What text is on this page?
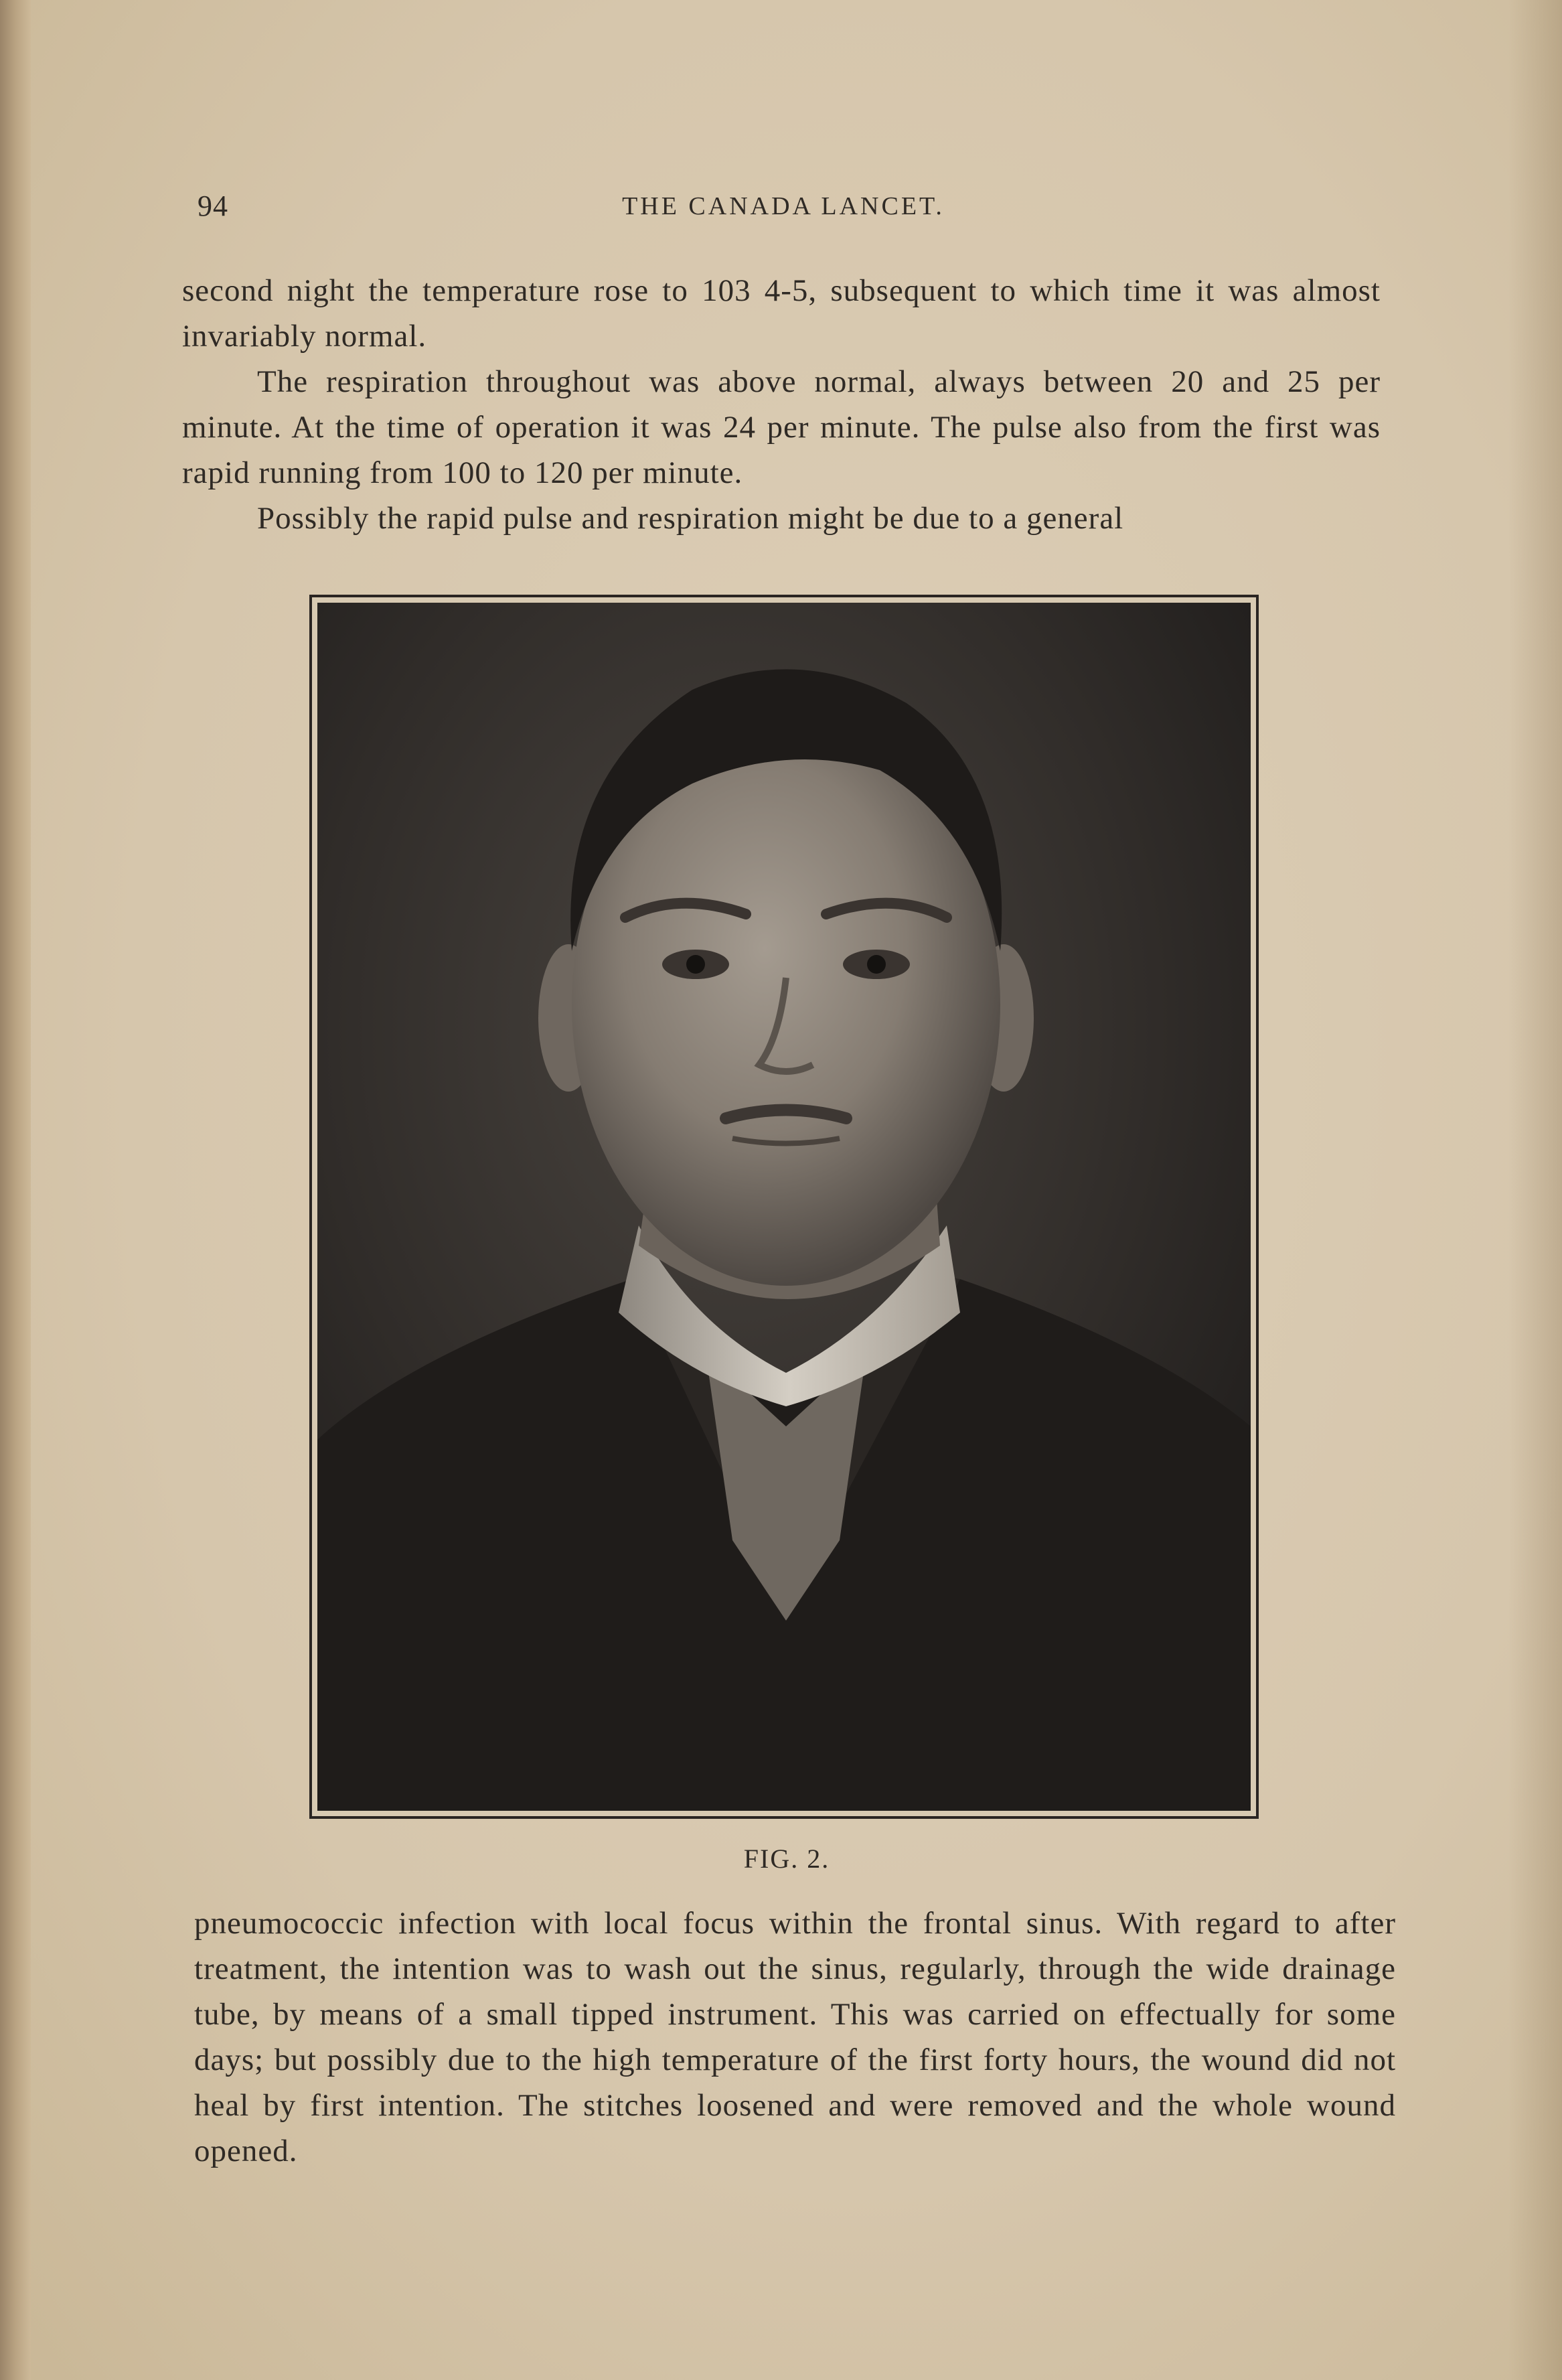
94	THE CANADA LANCET.

second night the temperature rose to 103 4-5, subsequent to which time it was almost invariably normal.

The respiration throughout was above normal, always between 20 and 25 per minute. At the time of operation it was 24 per minute. The pulse also from the first was rapid running from 100 to 120 per minute.

Possibly the rapid pulse and respiration might be due to a general

FIG. 2.

pneumococcic infection with local focus within the frontal sinus. With regard to after treatment, the intention was to wash out the sinus, regularly, through the wide drainage tube, by means of a small tipped instrument. This was carried on effectually for some days; but possibly due to the high temperature of the first forty hours, the wound did not heal by first intention. The stitches loosened and were removed and the whole wound opened.
